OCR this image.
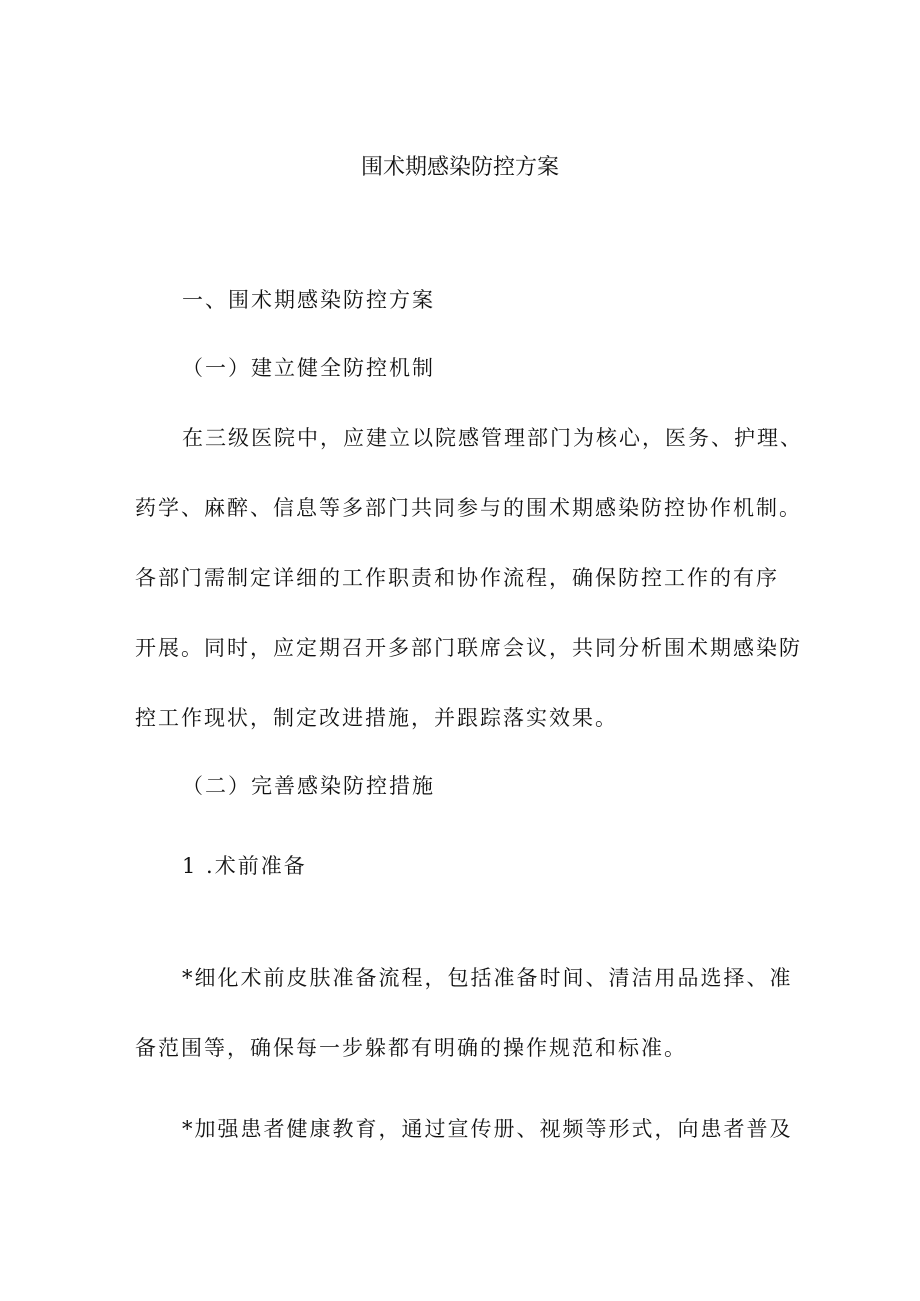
围术期感染防控方案
一、围术期感染防控方案
（一）建立健全防控机制
在三级医院中，应建立以院感管理部门为核心，医务、护理、
药学、麻醉、信息等多部门共同参与的围术期感染防控协作机制。
各部门需制定详细的工作职责和协作流程，确保防控工作的有序
开展。同时，应定期召开多部门联席会议，共同分析围术期感染防
控工作现状，制定改进措施，并跟踪落实效果。
（二）完善感染防控措施
1 .术前准备
*细化术前皮肤准备流程，包括准备时间、清洁用品选择、准
备范围等，确保每一步躲都有明确的操作规范和标准。
*加强患者健康教育，通过宣传册、视频等形式，向患者普及
